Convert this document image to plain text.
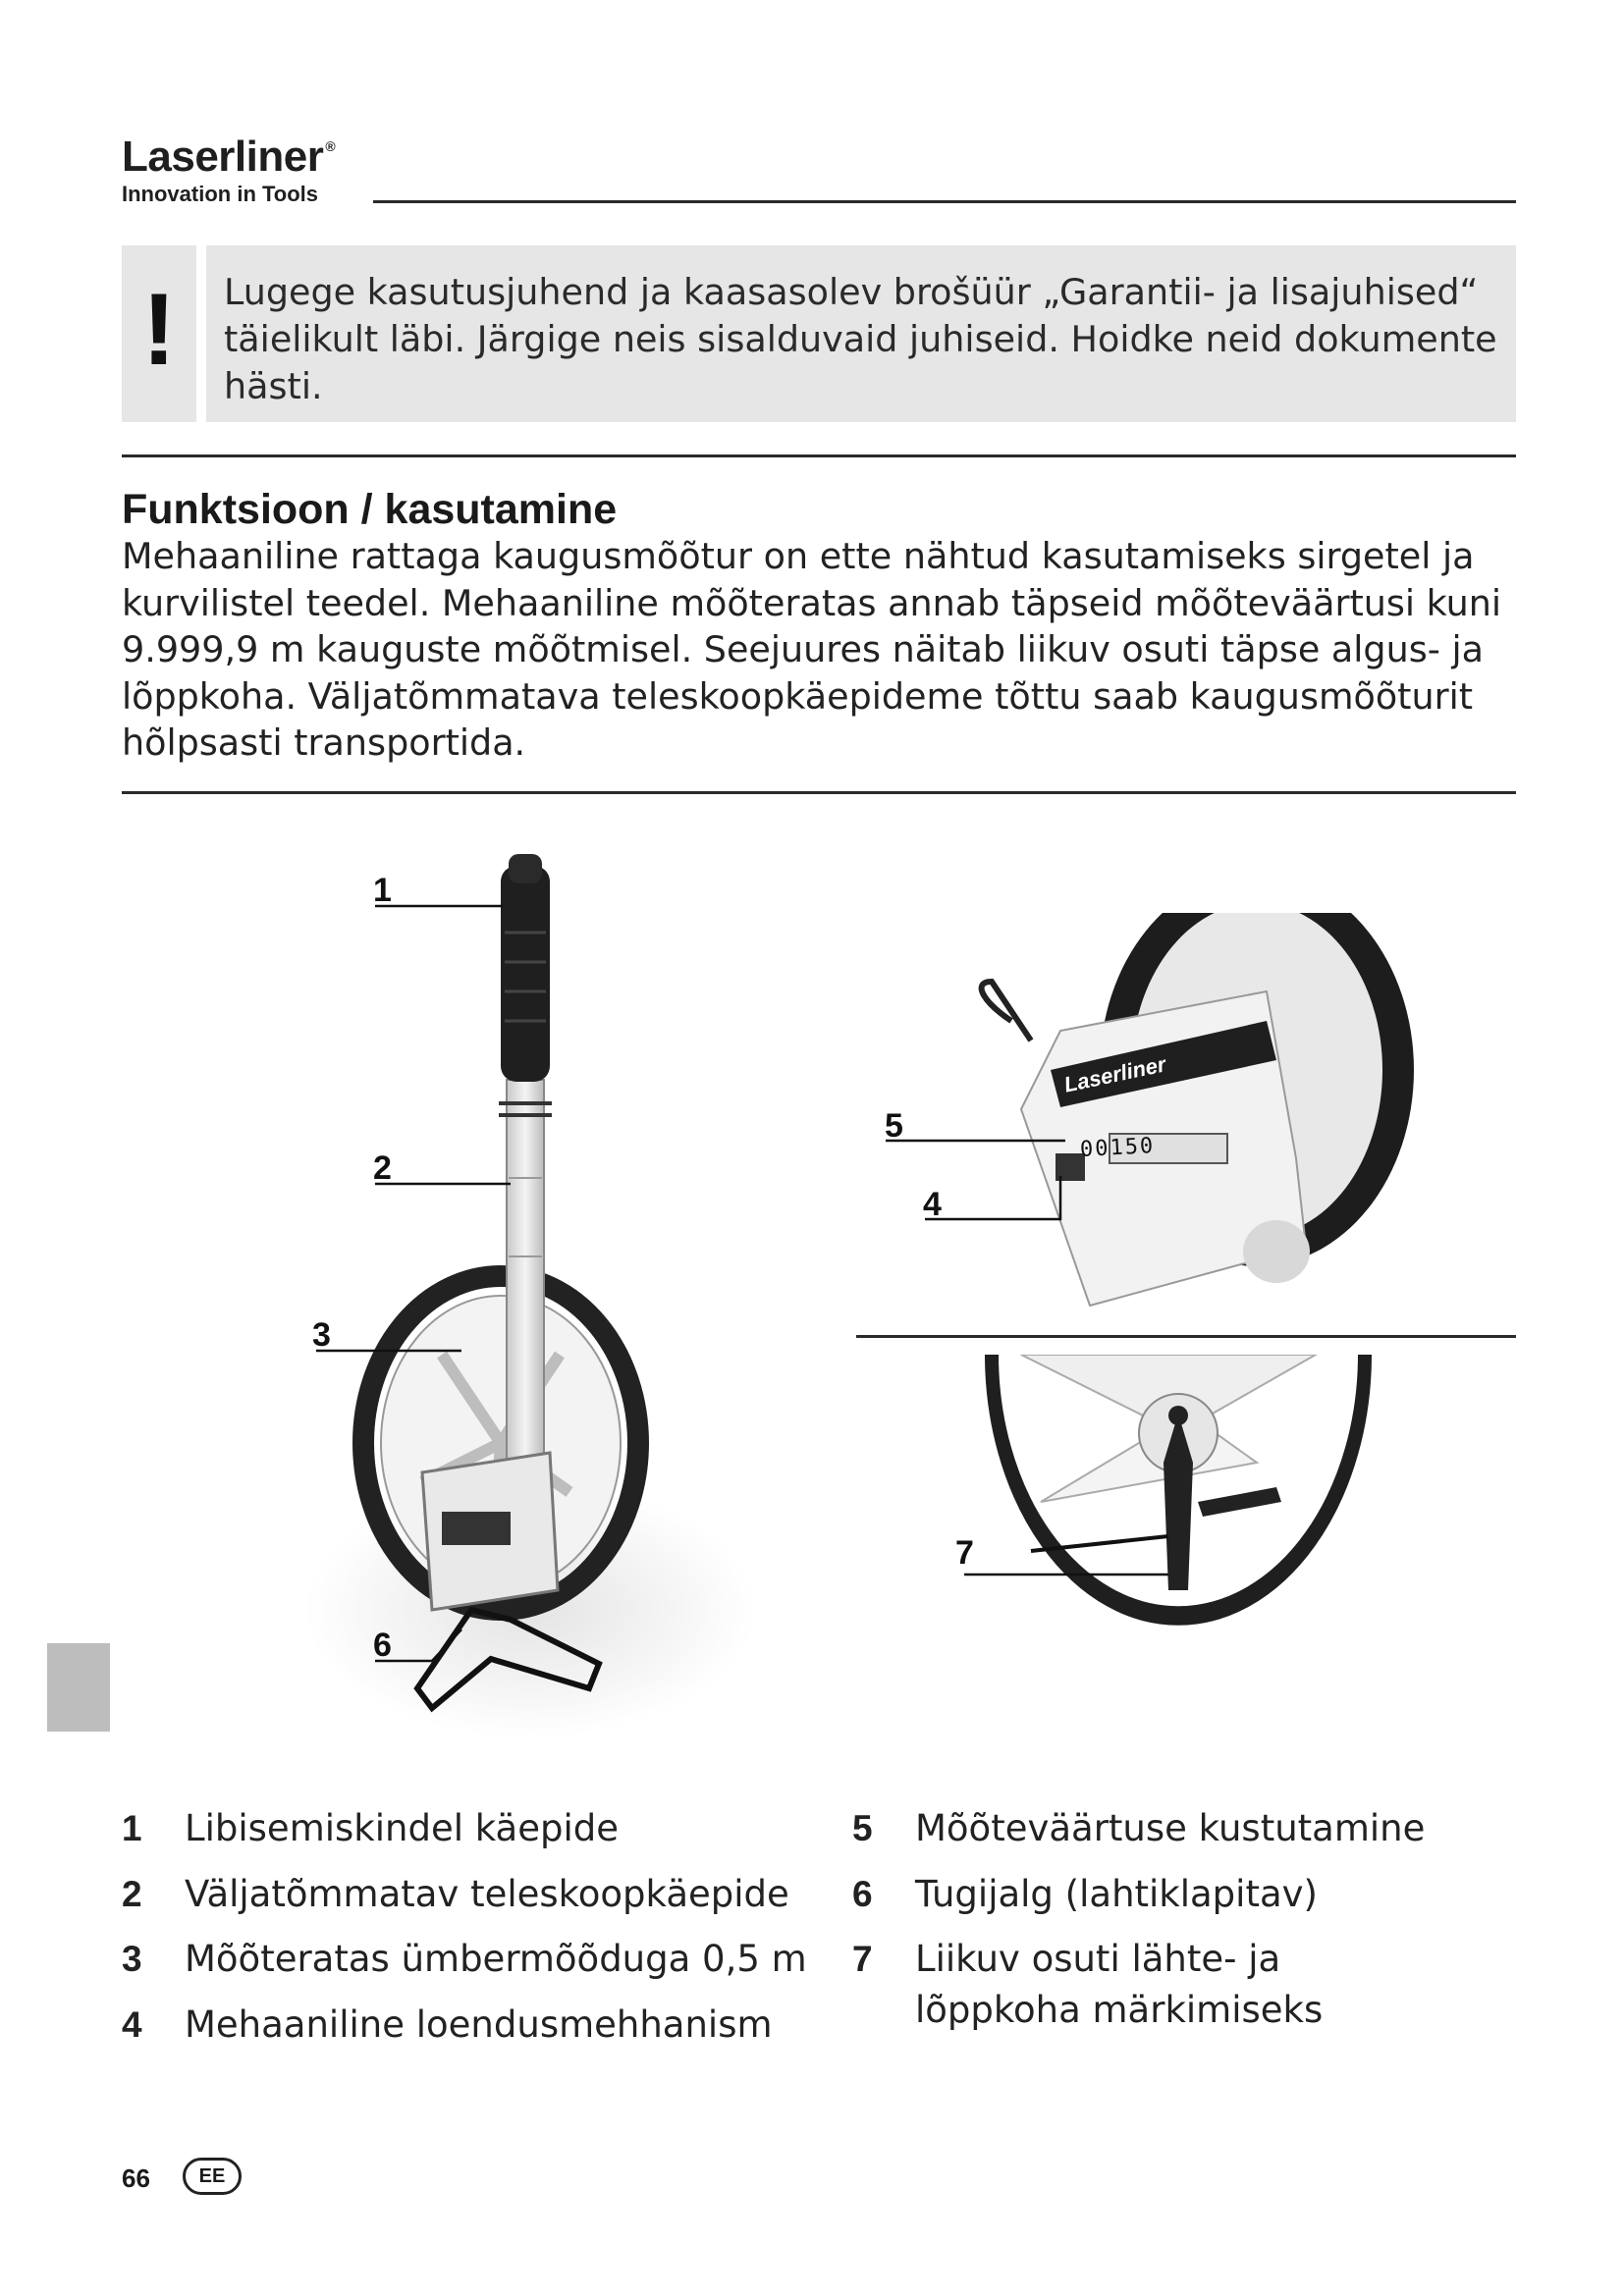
Laserliner ®
Innovation in Tools
!	Lugege kasutusjuhend ja kaasasolev brošüür „Garantii- ja lisajuhised“
täielikult läbi. Järgige neis sisalduvaid juhiseid. Hoidke neid dokumente
hästi.
Funktsioon / kasutamine
Mehaaniline rattaga kaugusmõõtur on ette nähtud kasutamiseks sirgetel ja
kurvilistel teedel. Mehaaniline mõõteratas annab täpseid mõõteväärtusi kuni
9.999,9 m kauguste mõõtmisel. Seejuures näitab liikuv osuti täpse algus- ja
lõppkoha. Väljatõmmatava teleskoopkäepideme tõttu saab kaugusmõõturit
hõlpsasti transportida.
1
2
3
6
Laserliner
00150
5
4
7
1 Libisemiskindel käepide
2 Väljatõmmatav teleskoopkäepide
3 Mõõteratas ümbermõõduga 0,5 m
4 Mehaaniline loendusmehhanism
5 Mõõteväärtuse kustutamine
6 Tugijalg (lahtiklapitav)
7 Liikuv osuti lähte- ja
lõppkoha märkimiseks
66	EE
